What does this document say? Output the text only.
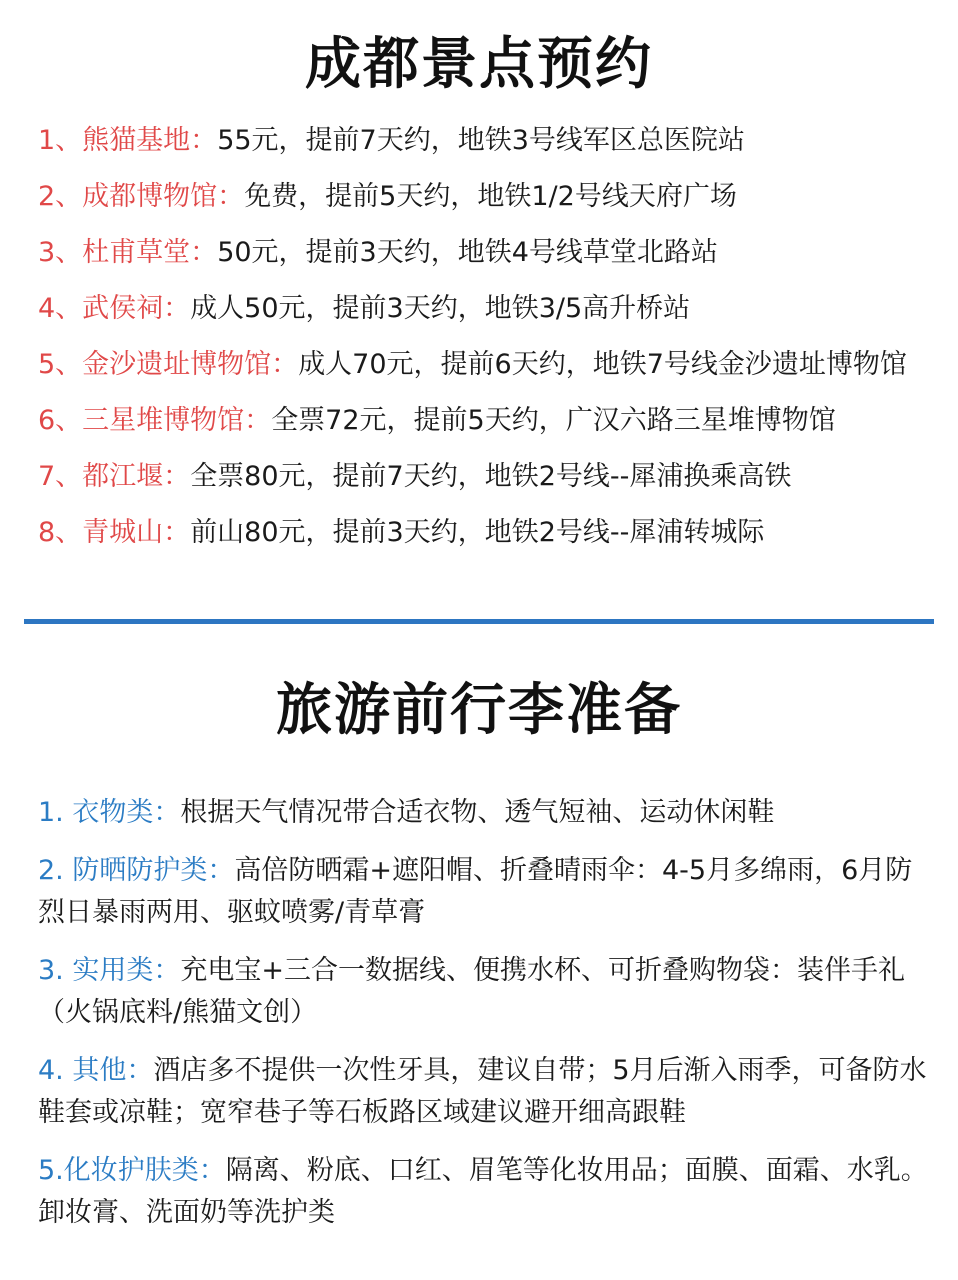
成都景点预约
1、熊猫基地：55元，提前7天约，地铁3号线军区总医院站
2、成都博物馆：免费，提前5天约，地铁1/2号线天府广场
3、杜甫草堂：50元，提前3天约，地铁4号线草堂北路站
4、武侯祠：成人50元，提前3天约，地铁3/5高升桥站
5、金沙遗址博物馆：成人70元，提前6天约，地铁7号线金沙遗址博物馆
6、三星堆博物馆：全票72元，提前5天约，广汉六路三星堆博物馆
7、都江堰：全票80元，提前7天约，地铁2号线--犀浦换乘高铁
8、青城山：前山80元，提前3天约，地铁2号线--犀浦转城际
旅游前行李准备
1. 衣物类：根据天气情况带合适衣物、透气短袖、运动休闲鞋
2. 防晒防护类：高倍防晒霜+遮阳帽、折叠晴雨伞：4-5月多绵雨，6月防烈日暴雨两用、驱蚊喷雾/青草膏
3. 实用类：充电宝+三合一数据线、便携水杯、可折叠购物袋：装伴手礼（火锅底料/熊猫文创）
4. 其他：酒店多不提供一次性牙具，建议自带；5月后渐入雨季，可备防水鞋套或凉鞋；宽窄巷子等石板路区域建议避开细高跟鞋
5.化妆护肤类：隔离、粉底、口红、眉笔等化妆用品；面膜、面霜、水乳。卸妆膏、洗面奶等洗护类
